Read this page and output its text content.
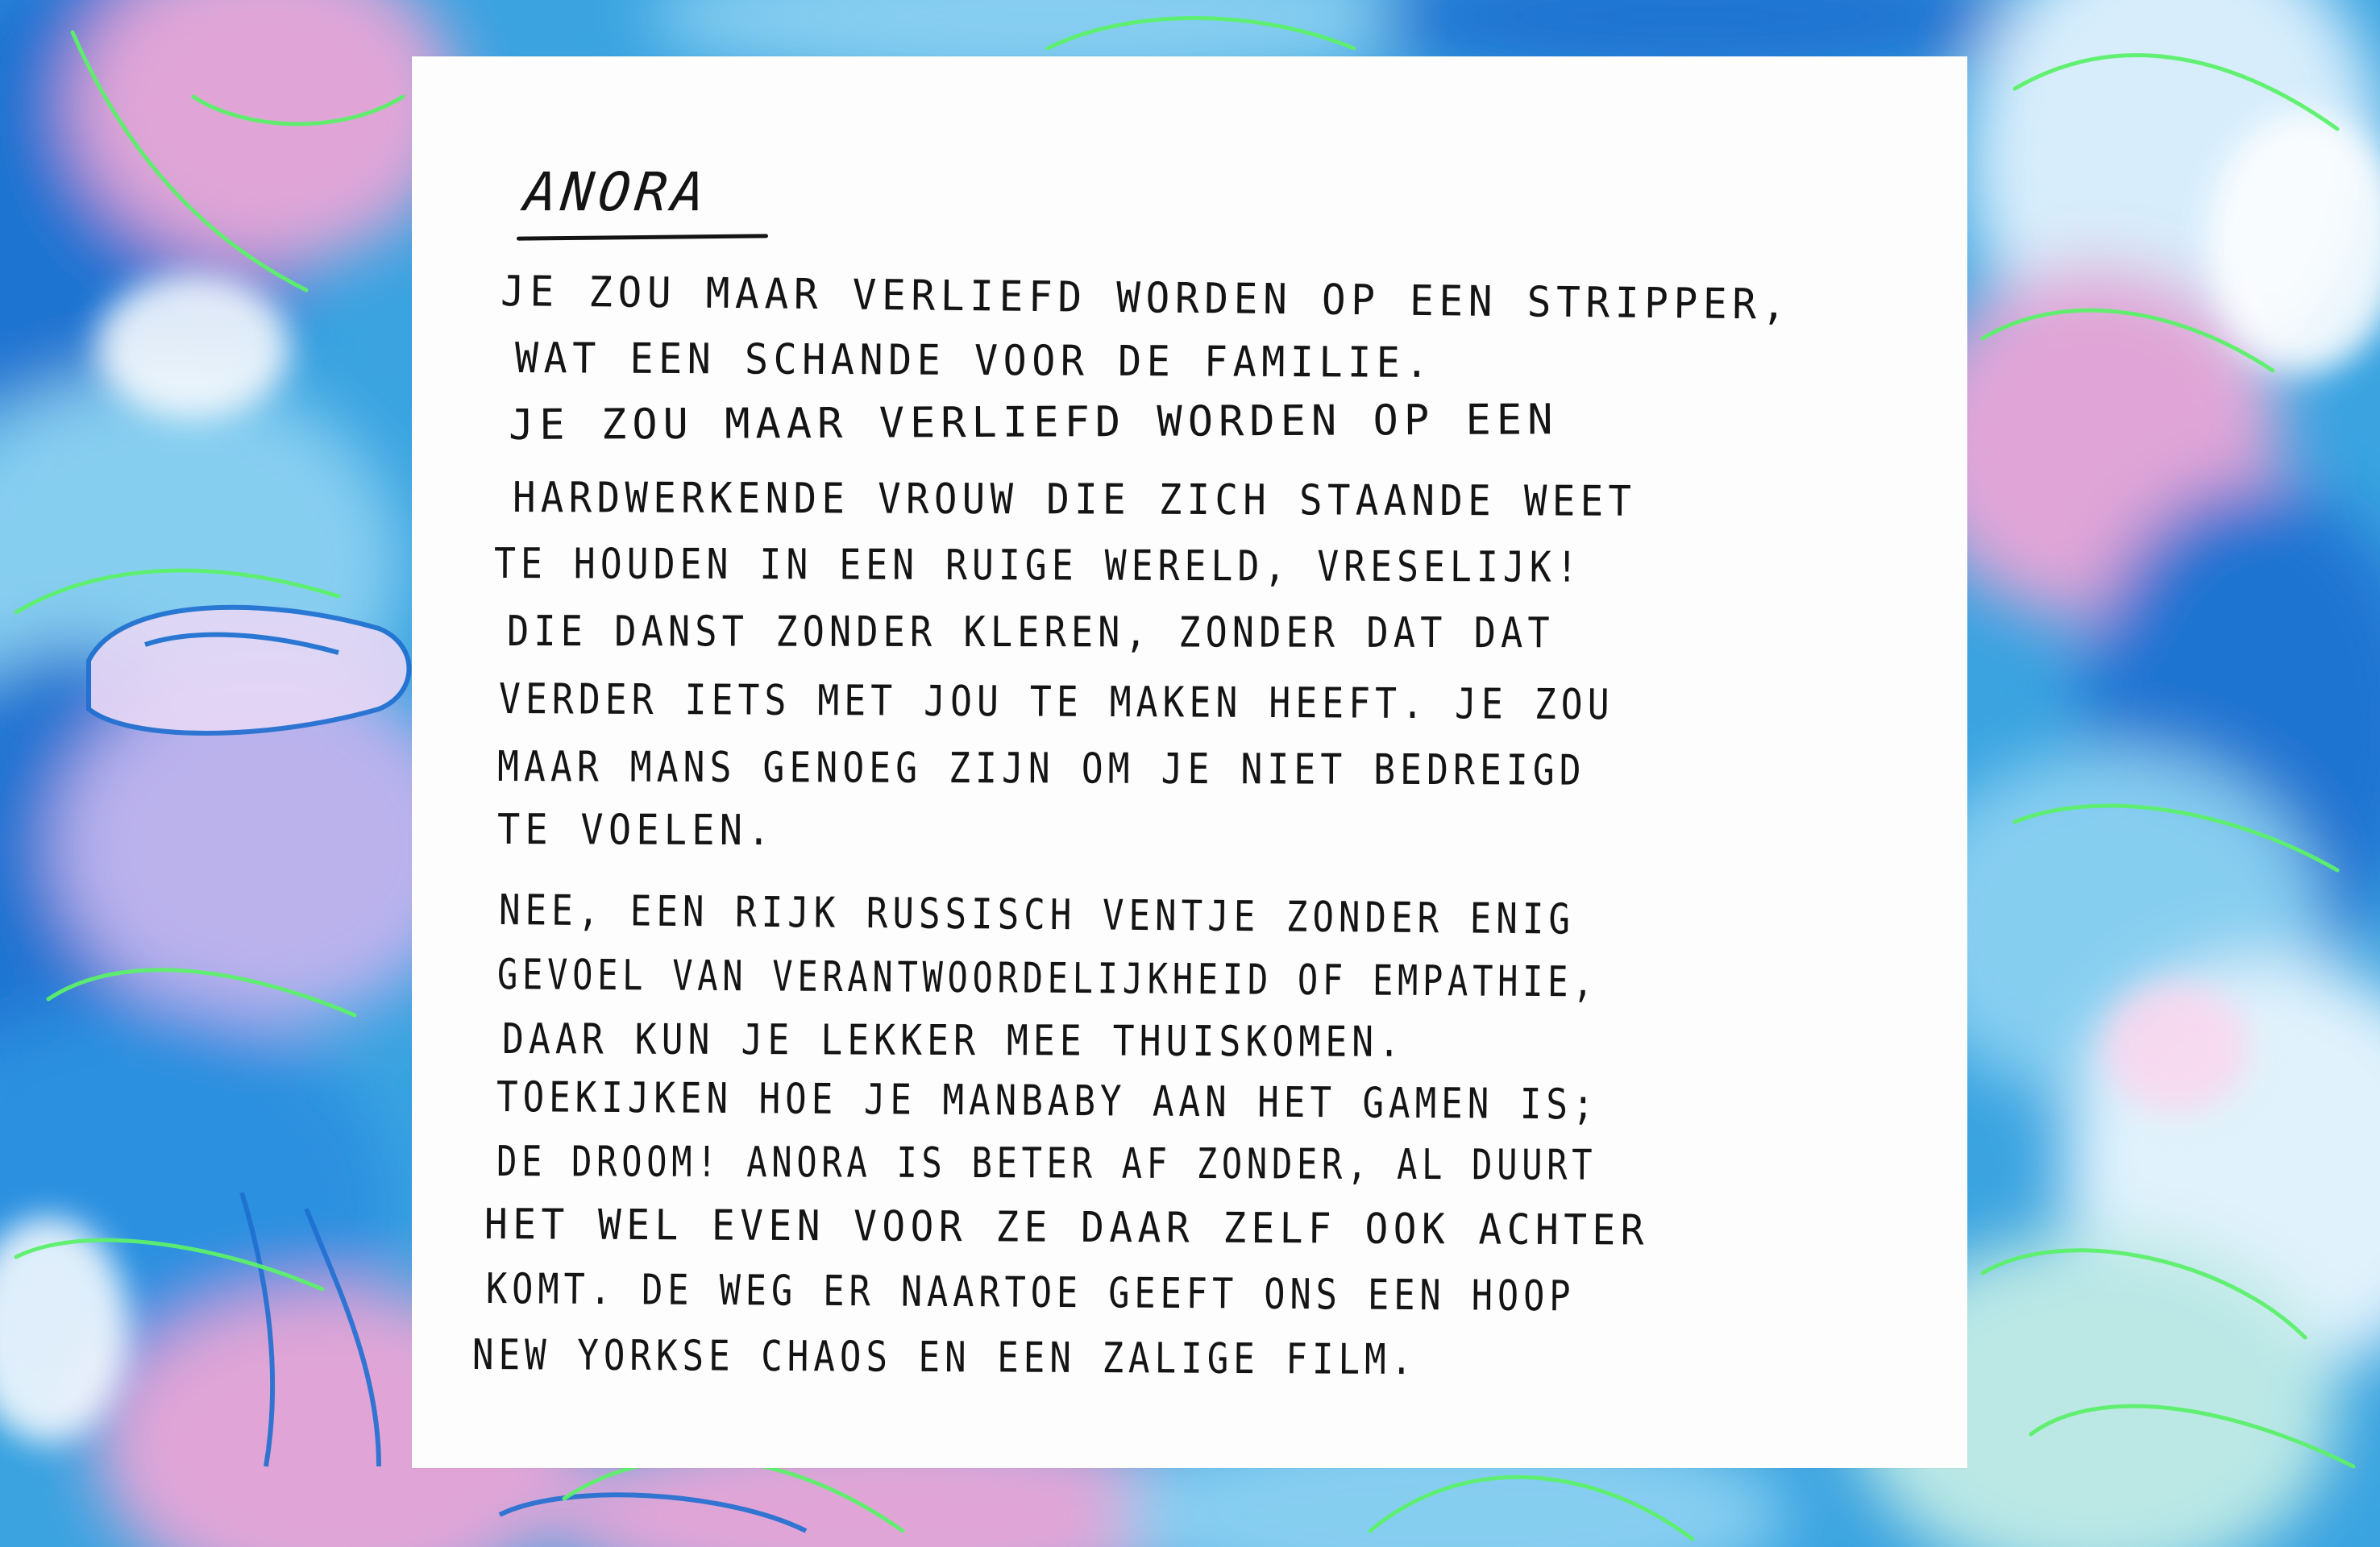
ANORA
JE ZOU MAAR VERLIEFD WORDEN OP EEN STRIPPER,
WAT EEN SCHANDE VOOR DE FAMILIE.
JE ZOU MAAR VERLIEFD WORDEN OP EEN
HARDWERKENDE VROUW DIE ZICH STAANDE WEET
TE HOUDEN IN EEN RUIGE WERELD, VRESELIJK!
DIE DANST ZONDER KLEREN, ZONDER DAT DAT
VERDER IETS MET JOU TE MAKEN HEEFT. JE ZOU
MAAR MANS GENOEG ZIJN OM JE NIET BEDREIGD
TE VOELEN.
NEE, EEN RIJK RUSSISCH VENTJE ZONDER ENIG
GEVOEL VAN VERANTWOORDELIJKHEID OF EMPATHIE,
DAAR KUN JE LEKKER MEE THUISKOMEN.
TOEKIJKEN HOE JE MANBABY AAN HET GAMEN IS;
DE DROOM! ANORA IS BETER AF ZONDER, AL DUURT
HET WEL EVEN VOOR ZE DAAR ZELF OOK ACHTER
KOMT. DE WEG ER NAARTOE GEEFT ONS EEN HOOP
NEW YORKSE CHAOS EN EEN ZALIGE FILM.
